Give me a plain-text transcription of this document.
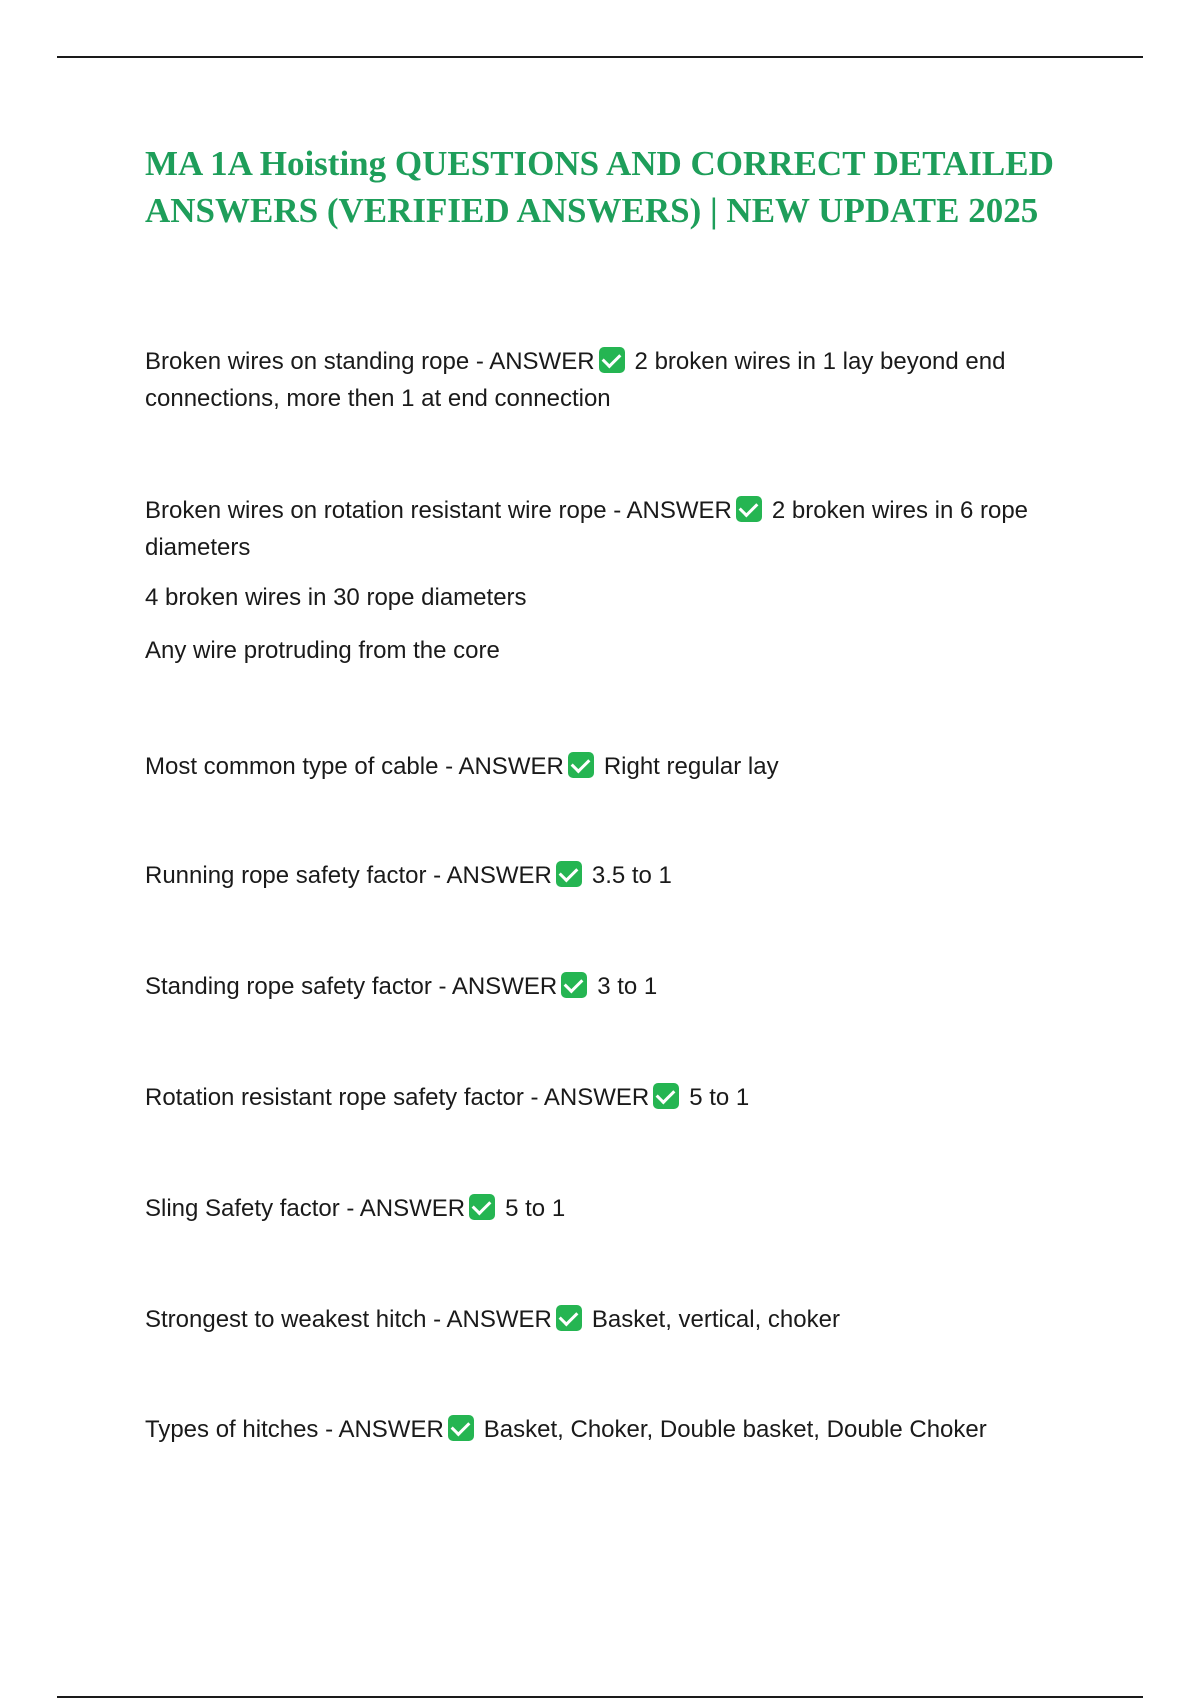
MA 1A Hoisting QUESTIONS AND CORRECT DETAILED ANSWERS (VERIFIED ANSWERS) | NEW UPDATE 2025

Broken wires on standing rope - ANSWER 2 broken wires in 1 lay beyond end connections, more then 1 at end connection

Broken wires on rotation resistant wire rope - ANSWER 2 broken wires in 6 rope diameters

4 broken wires in 30 rope diameters

Any wire protruding from the core

Most common type of cable - ANSWER Right regular lay

Running rope safety factor - ANSWER 3.5 to 1

Standing rope safety factor - ANSWER 3 to 1

Rotation resistant rope safety factor - ANSWER 5 to 1

Sling Safety factor - ANSWER 5 to 1

Strongest to weakest hitch - ANSWER Basket, vertical, choker

Types of hitches - ANSWER Basket, Choker, Double basket, Double Choker
